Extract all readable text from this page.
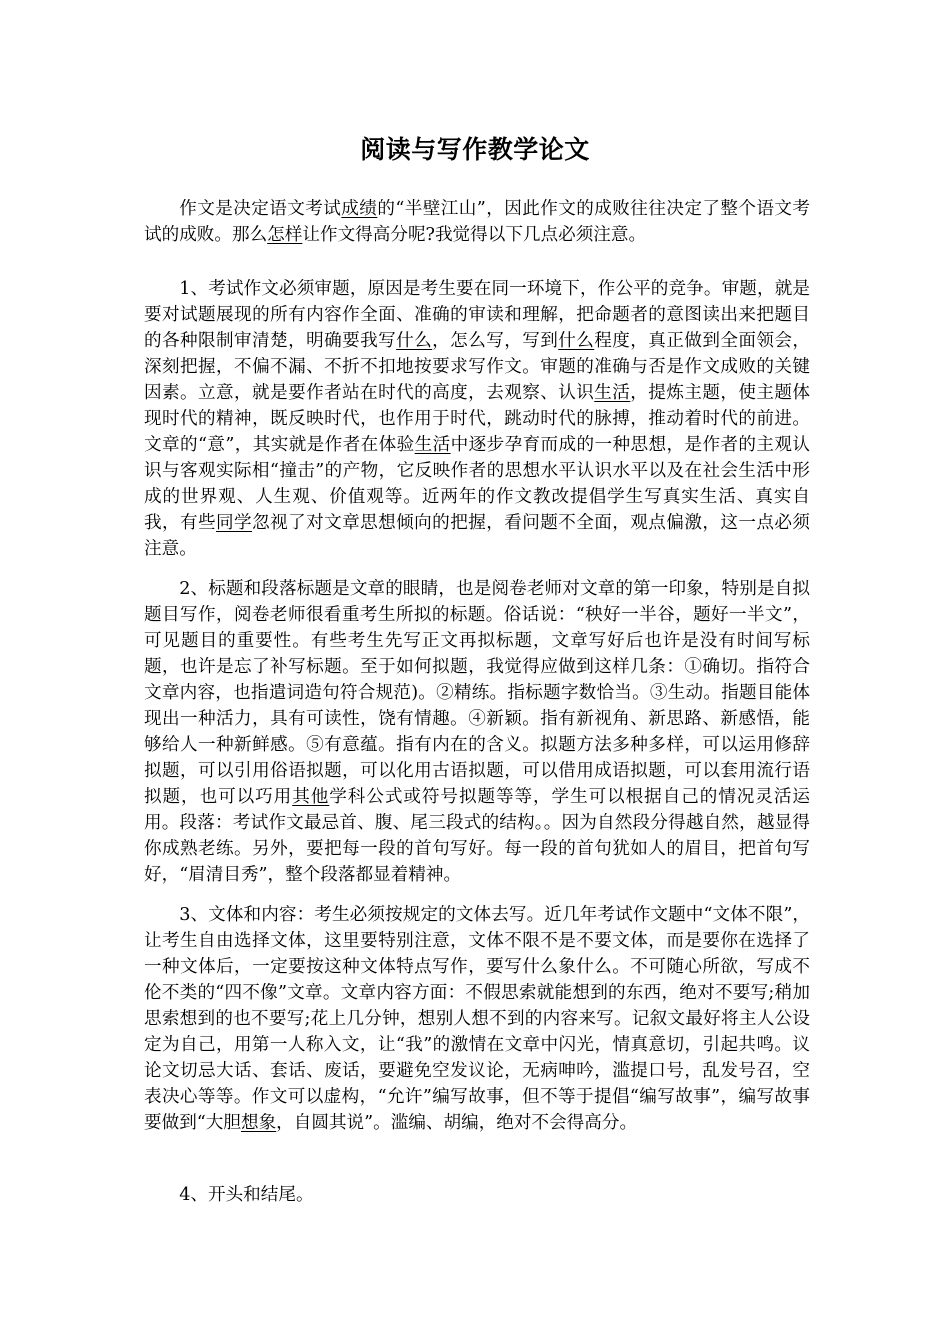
阅读与写作教学论文

作文是决定语文考试成绩的“半壁江山”，因此作文的成败往往决定了整个语文考试的成败。那么怎样让作文得高分呢?我觉得以下几点必须注意。

1、考试作文必须审题，原因是考生要在同一环境下，作公平的竞争。审题，就是要对试题展现的所有内容作全面、准确的审读和理解，把命题者的意图读出来把题目的各种限制审清楚，明确要我写什么，怎么写，写到什么程度，真正做到全面领会，深刻把握，不偏不漏、不折不扣地按要求写作文。审题的准确与否是作文成败的关键因素。立意，就是要作者站在时代的高度，去观察、认识生活，提炼主题，使主题体现时代的精神，既反映时代，也作用于时代，跳动时代的脉搏，推动着时代的前进。文章的“意”，其实就是作者在体验生活中逐步孕育而成的一种思想，是作者的主观认识与客观实际相“撞击”的产物，它反映作者的思想水平认识水平以及在社会生活中形成的世界观、人生观、价值观等。近两年的作文教改提倡学生写真实生活、真实自我，有些同学忽视了对文章思想倾向的把握，看问题不全面，观点偏激，这一点必须注意。

2、标题和段落标题是文章的眼睛，也是阅卷老师对文章的第一印象，特别是自拟题目写作，阅卷老师很看重考生所拟的标题。俗话说：“秧好一半谷，题好一半文”，可见题目的重要性。有些考生先写正文再拟标题，文章写好后也许是没有时间写标题，也许是忘了补写标题。至于如何拟题，我觉得应做到这样几条：①确切。指符合文章内容，也指遣词造句符合规范)。②精练。指标题字数恰当。③生动。指题目能体现出一种活力，具有可读性，饶有情趣。④新颖。指有新视角、新思路、新感悟，能够给人一种新鲜感。⑤有意蕴。指有内在的含义。拟题方法多种多样，可以运用修辞拟题，可以引用俗语拟题，可以化用古语拟题，可以借用成语拟题，可以套用流行语拟题，也可以巧用其他学科公式或符号拟题等等，学生可以根据自己的情况灵活运用。段落：考试作文最忌首、腹、尾三段式的结构。。因为自然段分得越自然，越显得你成熟老练。另外，要把每一段的首句写好。每一段的首句犹如人的眉目，把首句写好，“眉清目秀”，整个段落都显着精神。

3、文体和内容：考生必须按规定的文体去写。近几年考试作文题中“文体不限”，让考生自由选择文体，这里要特别注意，文体不限不是不要文体，而是要你在选择了一种文体后，一定要按这种文体特点写作，要写什么象什么。不可随心所欲，写成不伦不类的“四不像”文章。文章内容方面：不假思索就能想到的东西，绝对不要写;稍加思索想到的也不要写;花上几分钟，想别人想不到的内容来写。记叙文最好将主人公设定为自己，用第一人称入文，让“我”的激情在文章中闪光，情真意切，引起共鸣。议论文切忌大话、套话、废话，要避免空发议论，无病呻吟，滥提口号，乱发号召，空表决心等等。作文可以虚构，“允许”编写故事，但不等于提倡“编写故事”，编写故事要做到“大胆想象，自圆其说”。滥编、胡编，绝对不会得高分。

4、开头和结尾。
